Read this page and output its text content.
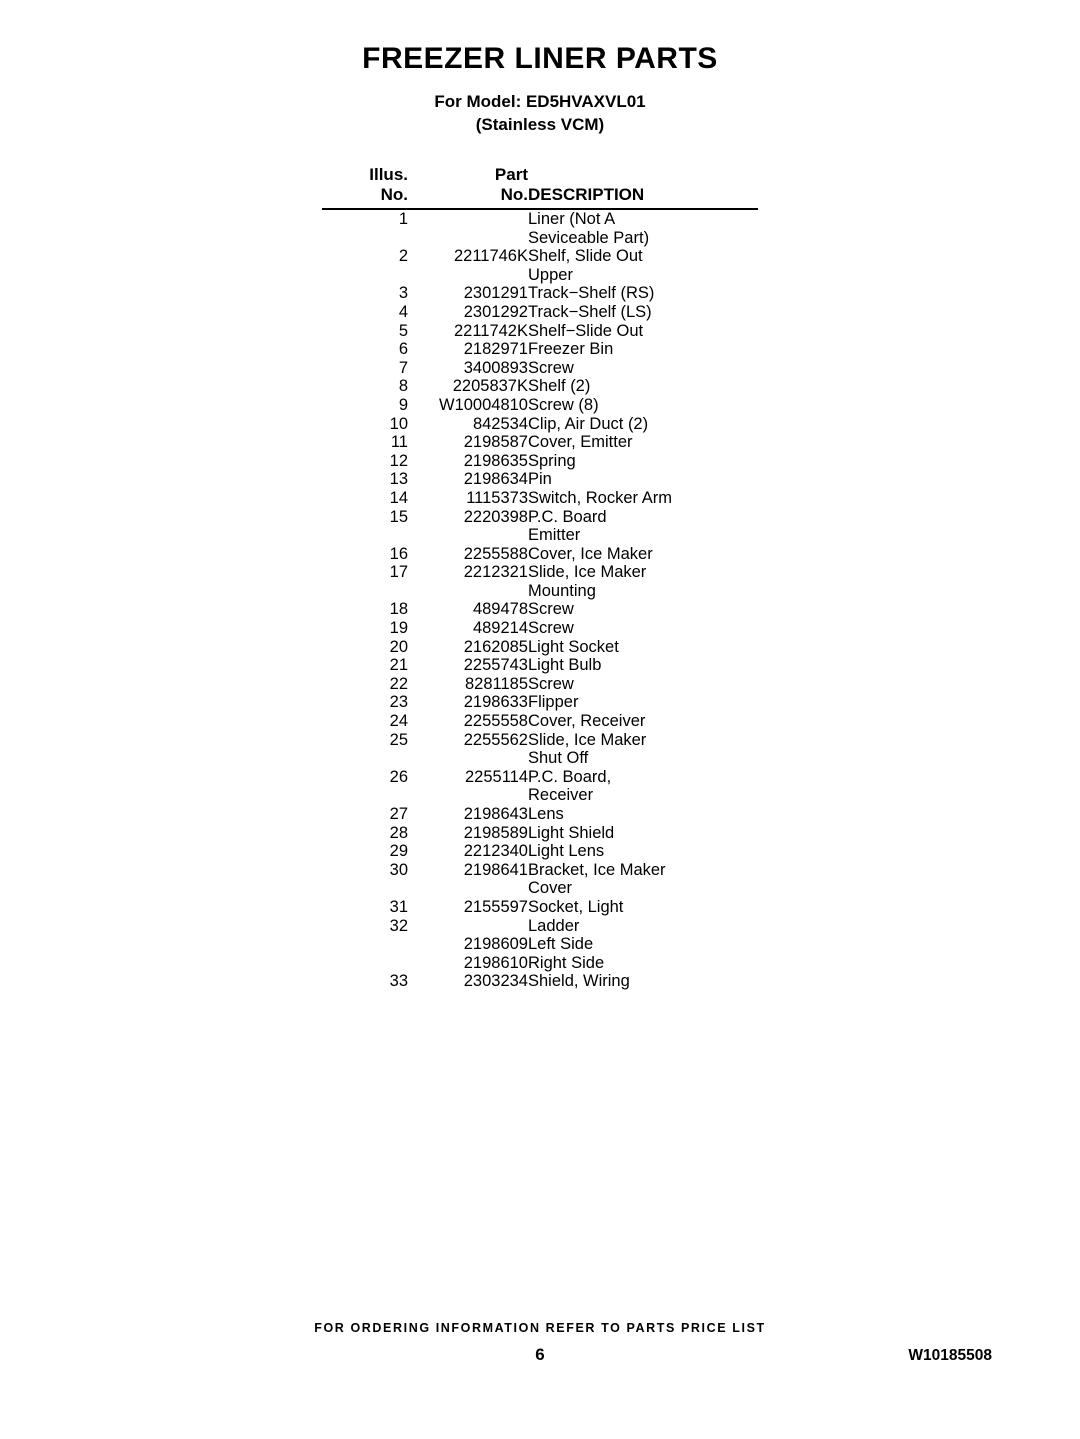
FREEZER LINER PARTS
For Model: ED5HVAXVL01
(Stainless VCM)
Illus.	Part	
No.	No.	DESCRIPTION

1		Liner (Not A
		Seviceable Part)
2	2211746K	Shelf, Slide Out
		Upper
3	2301291	Track−Shelf (RS)
4	2301292	Track−Shelf (LS)
5	2211742K	Shelf−Slide Out
6	2182971	Freezer Bin
7	3400893	Screw
8	2205837K	Shelf (2)
9	W10004810	Screw (8)
10	842534	Clip, Air Duct (2)
11	2198587	Cover, Emitter
12	2198635	Spring
13	2198634	Pin
14	1115373	Switch, Rocker Arm
15	2220398	P.C. Board
		Emitter
16	2255588	Cover, Ice Maker
17	2212321	Slide, Ice Maker
		Mounting
18	489478	Screw
19	489214	Screw
20	2162085	Light Socket
21	2255743	Light Bulb
22	8281185	Screw
23	2198633	Flipper
24	2255558	Cover, Receiver
25	2255562	Slide, Ice Maker
		Shut Off
26	2255114	P.C. Board,
		Receiver
27	2198643	Lens
28	2198589	Light Shield
29	2212340	Light Lens
30	2198641	Bracket, Ice Maker
		Cover
31	2155597	Socket, Light
32		Ladder
	2198609	Left Side
	2198610	Right Side
33	2303234	Shield, Wiring
FOR ORDERING INFORMATION REFER TO PARTS PRICE LIST
6	W10185508
